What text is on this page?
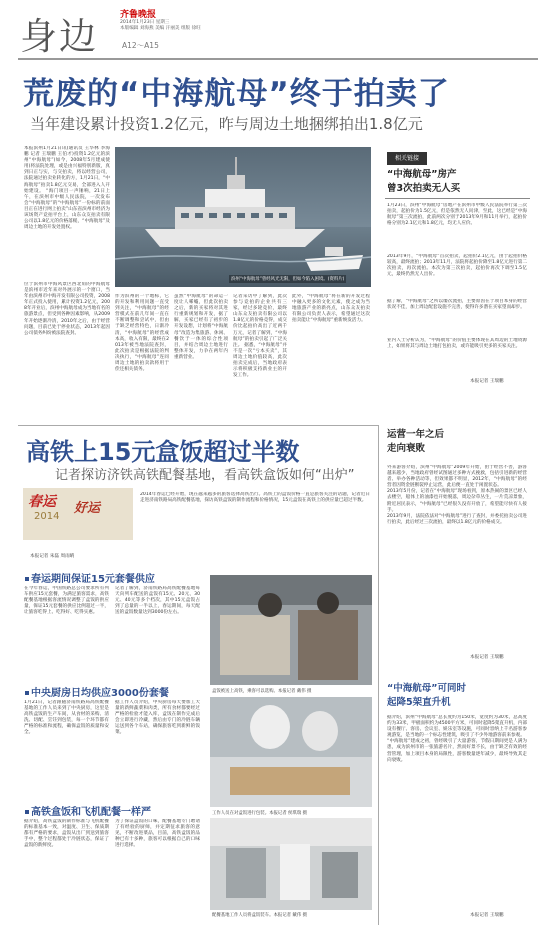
身边 齐鲁晚报
2014年1月23日 星期三
本版编辑 刘海燕 美编 汗丽美 组版 徐旺
A12～A15
荒废的“中海航母”终于拍卖了
当年建设累计投资1.2亿元，昨与周边土地捆绑拍出1.8亿元
本报滨州1月21日讯(通讯员 王华林 李海鹏 记者 王瑞鹏 王伯才)投资1.2亿元的滨州“中海航母”(如今，2008年5月建成使用)将法院处理，或是由兴福特别新版，真到日正与实，与交拍卖，将以经营公司，法院通过拍卖业转化的方，1月21日，“中海航母”拍卖1.8亿元交易，全部进入人开始建设。 “海门项目一声锤响，21日上午，在滨州市中级人民法院，一次发布会“中海航母”的“中海航母”一份标的前面目正在进行网上拍卖”山东省滨州市经济为该场资产竞拍平台上，山东众友拍卖有限公司以1.8亿元的价格落槌，“中海航母”及周边土地的开发处置权。
位于滨州市中海风景区西北角的中海航母是滨州市近年来对外展示的一个窗口，当年由滨州市中海开发有限公司投资，2008年正式投入使用，累计投资1.2亿元，2008年开业后，滨州中海航母成为当地有名的旅游景点，但受到各种因素影响，从2009年开始逐渐冷清，2010年之后，由于经营问题，目前已处于停业状态，2013年起因公司债务纠纷被法院查封。
滨州“中海航母”曾经风光无限，但如今陷入困境。(资料片)
作为滨州的一个地标，它的开发和利用问题一直受到关注，“中海航母”的经营模式在前几年间一直在不断调整和尝试中，但由于缺乏经营特色，日渐冷清，“中海航母”的经营成本高，收入有限，最终在2013年被当地法院查封，此次拍卖是根据法院的判决执行，“中海航母”连同周边土地的拍卖款将用于偿还相关债务。
虽然“中海航母”的命运一度让人唏嘘，但此次拍卖之后，新的买家将对其进行重新规划和开发，据了解，买家已经有了初步的开发设想，计划将“中海航母”改造为集旅游、休闲、餐饮于一体的综合性项目，并结合周边土地进行整体开发，力争在两年内重新营业。
记者采访中了解到，此次参与竞拍的企业共有三家，经过多轮竞价，最终山东众友拍卖有限公司以1.8亿元的价格竞得，成交价比起拍价高出了近两千万元，记者了解到，“中海航母”的拍卖引起了广泛关注。 据悉，“中海航母”并不是一次“亏本买卖”，其周边土地价值较高，此次拍卖完成后，当地政府表示将积极支持新业主的开发工作。
此外，“中海航母”将在新的开发过程中融入更多的文化元素，使之成为当地旅游产业的新亮点，山东众友拍卖有限公司负责人表示，希望通过这次拍卖能让“中海航母”重新焕发活力。
相关链接
“中海航母”房产
曾3次拍卖无人买
1月23日，滨州“中海航母”房地产在滨州市中级人民法院举行第三次拍卖，起拍价为1.5亿元，但是依然无人问津，至此，这已经是“中海航母”第三次流拍，此前两次分别于2013年9月和11月举行，起拍价格分别为2.1亿元和1.8亿元，均无人应价。
2013年9月，“中海航母”首次拍卖，起拍价2.1亿元，由于起拍价格较高，最终流拍；2013年11月，法院将起拍价降至1.8亿元进行第二次拍卖，再次流拍。本次为第三次拍卖，起拍价再次下调至1.5亿元，最终仍然无人出价。
据了解，“中海航母”之所以屡次流拍，主要原因在于项目本身的经营状况不佳，加上周边配套设施不完善，使得许多潜在买家望而却步。
业内人士分析认为，“中海航母”的价值主要体现在其周边的土地资源上，如果将其与周边土地打包拍卖，或许能吸引更多的买家关注。
本报记者 王瑞鹏
高铁上15元盒饭超过半数
记者探访济铁高铁配餐基地，看高铁盒饭如何“出炉”
春运
2014
好运
2014年春运已经开始，现在越来越多的旅客选择高铁出行。高铁上的盒饭价格一直是旅客关注的话题，记者近日走进济南铁路局高铁配餐基地，探访高铁盒饭的制作流程和价格情况，15元盒饭在高铁上的供应量已超过半数。
本报记者 朱磊 周雨晴
春运期间保证15元套餐供应
在今年春运，中国铁路总公司要求所有列车供应15元套餐，为满足旅客需求，高铁配餐基地根据客流情况调整了盒饭的供应量，保证15元套餐的供应比例超过一半，让旅客吃得上、吃得好、吃得实惠。
记者了解到，济南铁路局高铁配餐基地每天向列车配送的盒饭有15元、20元、30元、40元等多个档次，其中15元盒饭占到了总量的一半以上，春运期间，每天配送的盒饭数量达到3000份左右。
中央厨房日均供应3000份套餐
1月21日，记者跟随济南铁路局高铁配餐基地的工作人员来到了中央厨房，这里是高铁盒饭的生产车间，从食材的采购、清洗、切配、烹饪到包装，每一个环节都有严格的标准和流程，确保盒饭的质量和安全。
据工作人员介绍，中央厨房每天要加工大量的新鲜蔬菜和肉类，所有食材都要经过严格的检验才能入库，盒饭在制作完成后会立即进行冷藏，然后由专门的冷链车辆运送到各个车站，确保旅客吃到新鲜的饭菜。
高铁盒饭和飞机配餐一样严
据介绍，高铁盒饭的制作标准与飞机配餐的标准基本一致，对温度、卫生、保质期都有严格的要求，盒饭从出厂到送到旅客手中，整个过程都处于冷链状态，保证了盒饭的新鲜度。
为了保证盒饭的口味，配餐基地专门聘请了有经验的厨师，并定期征求旅客的意见，不断改进菜品，目前，高铁盒饭的品种已有十多种，旅客可以根据自己的口味进行选择。
盒饭被送上高铁，乘客可以选购。本报记者 戴伟 摄
工作人员在对盒饭进行包装。本报记者 侯琪瑞 摄
配餐基地工作人员将盒饭装车。本报记者 戴伟 摄
运营一年之后
走向衰败
外来游客介绍，滨州“中海航母”2009年开始，由于经营不善，游客越来越少，当地政府曾经试图通过多种方式挽救，包括引进新的经营者、举办各种活动等，但效果都不明显，2012年，“中海航母”的经营者因资金链断裂停止运营，此后便一直处于闲置状态。
2013年5月份，记者在“中海航母”现场看到，原本热闹的景区已经人去楼空，船体上的油漆也开始脱落，周边杂草丛生，一片荒凉景象，附近居民表示，“中海航母”已经很久没有开放了，希望能尽快有人接手。
2013年9月，法院依法对“中海航母”进行了查封，并委托拍卖公司进行拍卖，此后经过三次流拍，最终以1.8亿元的价格成交。
本报记者 王瑞鹏
“中海航母”可同时
起降5架直升机
据介绍，滨州“中海航母”总长度约为150米，宽度约为30米，总高度约为33米，甲板面积约为4500平方米，可同时起降5架直升机，内部设有餐厅、客房、会议室、娱乐室等设施，可同时容纳上千名游客参观游览，是当地的一个标志性建筑，吸引了不少外地游客前来参观。
“中海航母”建成之初，曾经吸引了大量游客，节假日期间更是人满为患，成为滨州市的一张旅游名片，然而好景不长，由于缺乏有效的经营管理，加上项目本身的局限性，游客数量逐年减少，最终导致其走向衰败。
本报记者 王瑞鹏
